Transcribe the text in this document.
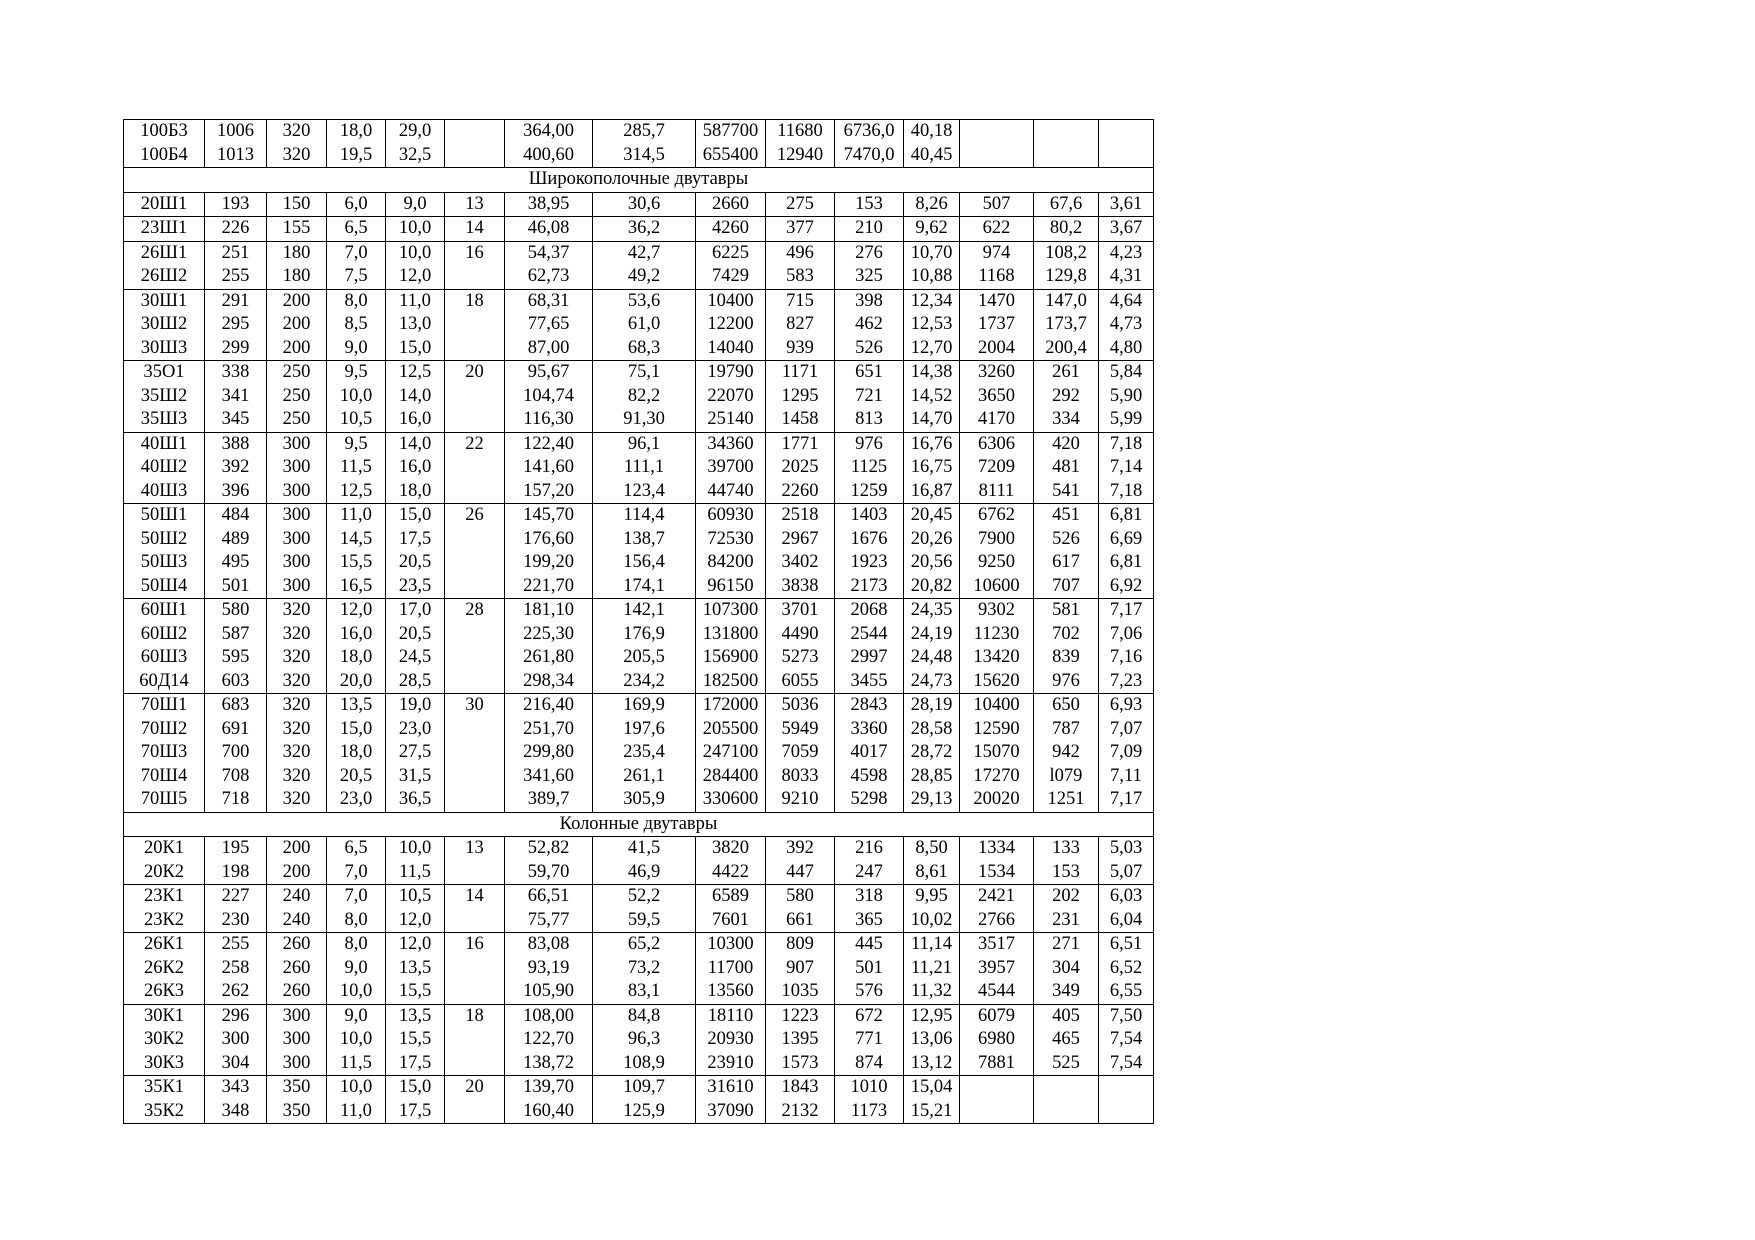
100Б3	1006	320	18,0	29,0		364,00	285,7	587700	11680	6736,0	40,18			
100Б4	1013	320	19,5	32,5		400,60	314,5	655400	12940	7470,0	40,45			
Широкополочные двутавры														
20Ш1	193	150	6,0	9,0	13	38,95	30,6	2660	275	153	8,26	507	67,6	3,61
23Ш1	226	155	6,5	10,0	14	46,08	36,2	4260	377	210	9,62	622	80,2	3,67
26Ш1	251	180	7,0	10,0	16	54,37	42,7	6225	496	276	10,70	974	108,2	4,23
26Ш2	255	180	7,5	12,0		62,73	49,2	7429	583	325	10,88	1168	129,8	4,31
30Ш1	291	200	8,0	11,0	18	68,31	53,6	10400	715	398	12,34	1470	147,0	4,64
30Ш2	295	200	8,5	13,0		77,65	61,0	12200	827	462	12,53	1737	173,7	4,73
30Ш3	299	200	9,0	15,0		87,00	68,3	14040	939	526	12,70	2004	200,4	4,80
35O1	338	250	9,5	12,5	20	95,67	75,1	19790	1171	651	14,38	3260	261	5,84
35Ш2	341	250	10,0	14,0		104,74	82,2	22070	1295	721	14,52	3650	292	5,90
35Ш3	345	250	10,5	16,0		116,30	91,30	25140	1458	813	14,70	4170	334	5,99
40Ш1	388	300	9,5	14,0	22	122,40	96,1	34360	1771	976	16,76	6306	420	7,18
40Ш2	392	300	11,5	16,0		141,60	111,1	39700	2025	1125	16,75	7209	481	7,14
40Ш3	396	300	12,5	18,0		157,20	123,4	44740	2260	1259	16,87	8111	541	7,18
50Ш1	484	300	11,0	15,0	26	145,70	114,4	60930	2518	1403	20,45	6762	451	6,81
50Ш2	489	300	14,5	17,5		176,60	138,7	72530	2967	1676	20,26	7900	526	6,69
50Ш3	495	300	15,5	20,5		199,20	156,4	84200	3402	1923	20,56	9250	617	6,81
50Ш4	501	300	16,5	23,5		221,70	174,1	96150	3838	2173	20,82	10600	707	6,92
60Ш1	580	320	12,0	17,0	28	181,10	142,1	107300	3701	2068	24,35	9302	581	7,17
60Ш2	587	320	16,0	20,5		225,30	176,9	131800	4490	2544	24,19	11230	702	7,06
60Ш3	595	320	18,0	24,5		261,80	205,5	156900	5273	2997	24,48	13420	839	7,16
60Д14	603	320	20,0	28,5		298,34	234,2	182500	6055	3455	24,73	15620	976	7,23
70Ш1	683	320	13,5	19,0	30	216,40	169,9	172000	5036	2843	28,19	10400	650	6,93
70Ш2	691	320	15,0	23,0		251,70	197,6	205500	5949	3360	28,58	12590	787	7,07
70Ш3	700	320	18,0	27,5		299,80	235,4	247100	7059	4017	28,72	15070	942	7,09
70Ш4	708	320	20,5	31,5		341,60	261,1	284400	8033	4598	28,85	17270	l079	7,11
70Ш5	718	320	23,0	36,5		389,7	305,9	330600	9210	5298	29,13	20020	1251	7,17
Колонные двутавры														
20К1	195	200	6,5	10,0	13	52,82	41,5	3820	392	216	8,50	1334	133	5,03
20К2	198	200	7,0	11,5		59,70	46,9	4422	447	247	8,61	1534	153	5,07
23К1	227	240	7,0	10,5	14	66,51	52,2	6589	580	318	9,95	2421	202	6,03
23К2	230	240	8,0	12,0		75,77	59,5	7601	661	365	10,02	2766	231	6,04
26К1	255	260	8,0	12,0	16	83,08	65,2	10300	809	445	11,14	3517	271	6,51
26К2	258	260	9,0	13,5		93,19	73,2	11700	907	501	11,21	3957	304	6,52
26К3	262	260	10,0	15,5		105,90	83,1	13560	1035	576	11,32	4544	349	6,55
30К1	296	300	9,0	13,5	18	108,00	84,8	18110	1223	672	12,95	6079	405	7,50
30К2	300	300	10,0	15,5		122,70	96,3	20930	1395	771	13,06	6980	465	7,54
30К3	304	300	11,5	17,5		138,72	108,9	23910	1573	874	13,12	7881	525	7,54
35К1	343	350	10,0	15,0	20	139,70	109,7	31610	1843	1010	15,04			
35К2	348	350	11,0	17,5		160,40	125,9	37090	2132	1173	15,21			
